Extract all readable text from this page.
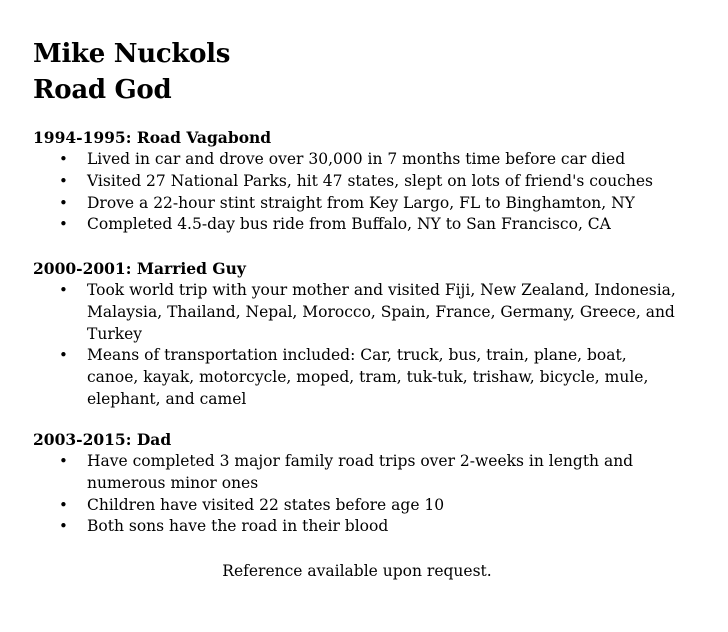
Mike Nuckols
Road God
1994-1995: Road Vagabond
• Lived in car and drove over 30,000 in 7 months time before car died
• Visited 27 National Parks, hit 47 states, slept on lots of friend's couches
• Drove a 22-hour stint straight from Key Largo, FL to Binghamton, NY
• Completed 4.5-day bus ride from Buffalo, NY to San Francisco, CA
2000-2001: Married Guy
• Took world trip with your mother and visited Fiji, New Zealand, Indonesia, Malaysia, Thailand, Nepal, Morocco, Spain, France, Germany, Greece, and Turkey
• Means of transportation included: Car, truck, bus, train, plane, boat, canoe, kayak, motorcycle, moped, tram, tuk-tuk, trishaw, bicycle, mule, elephant, and camel
2003-2015: Dad
• Have completed 3 major family road trips over 2-weeks in length and numerous minor ones
• Children have visited 22 states before age 10
• Both sons have the road in their blood
Reference available upon request.
